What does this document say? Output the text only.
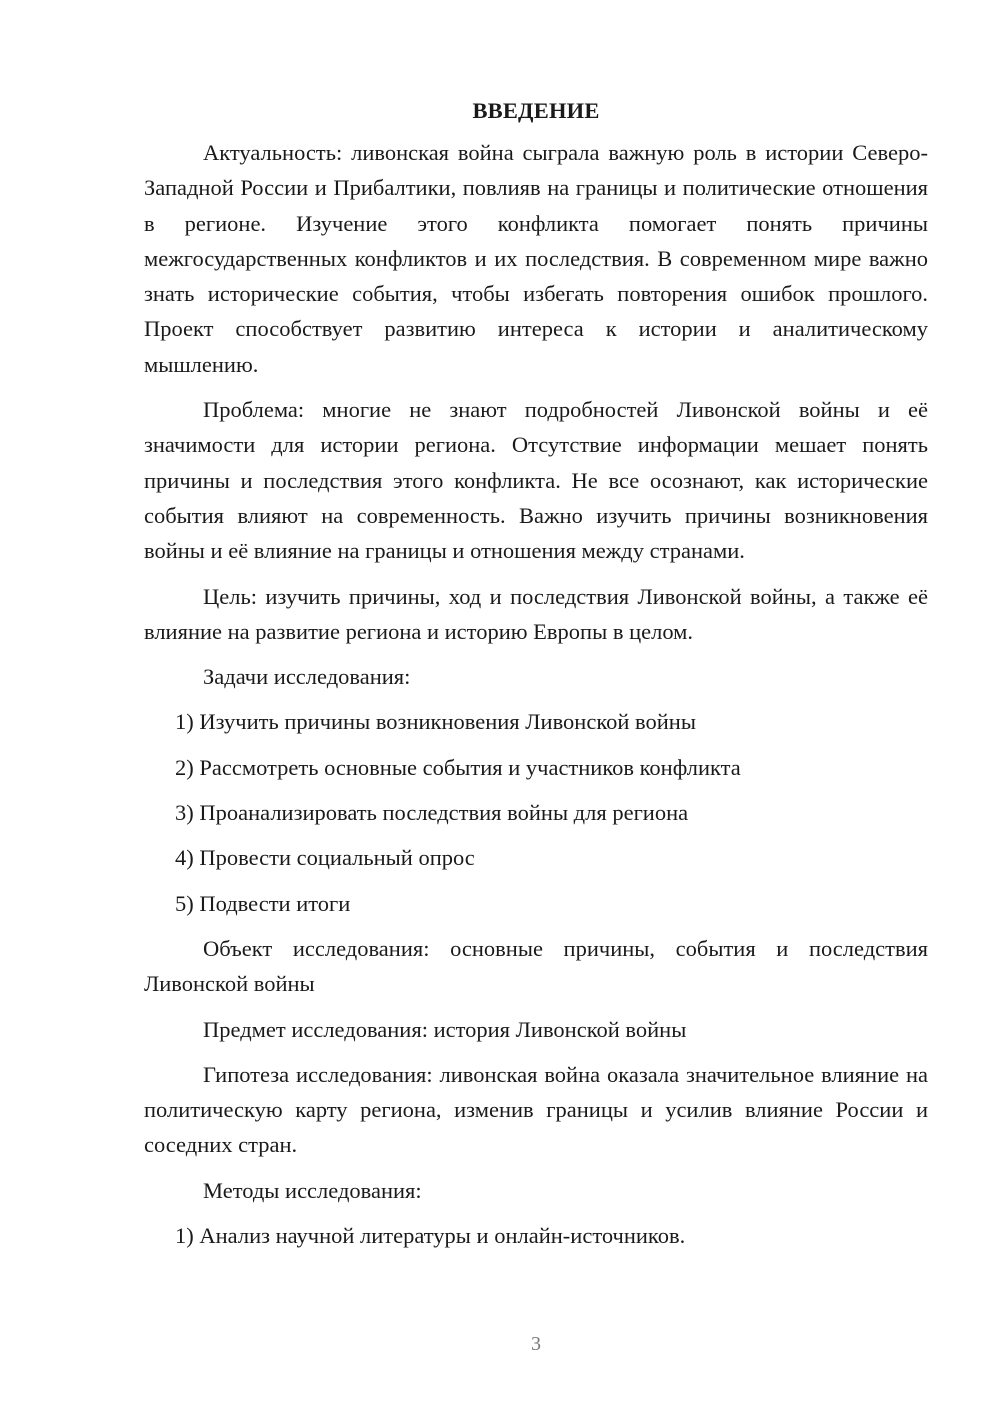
ВВЕДЕНИЕ
Актуальность: ливонская война сыграла важную роль в истории Северо-Западной России и Прибалтики, повлияв на границы и политические отношения в регионе. Изучение этого конфликта помогает понять причины межгосударственных конфликтов и их последствия. В современном мире важно знать исторические события, чтобы избегать повторения ошибок прошлого. Проект способствует развитию интереса к истории и аналитическому мышлению.
Проблема: многие не знают подробностей Ливонской войны и её значимости для истории региона. Отсутствие информации мешает понять причины и последствия этого конфликта. Не все осознают, как исторические события влияют на современность. Важно изучить причины возникновения войны и её влияние на границы и отношения между странами.
Цель: изучить причины, ход и последствия Ливонской войны, а также её влияние на развитие региона и историю Европы в целом.
Задачи исследования:
1) Изучить причины возникновения Ливонской войны
2) Рассмотреть основные события и участников конфликта
3) Проанализировать последствия войны для региона
4) Провести социальный опрос
5) Подвести итоги
Объект исследования: основные причины, события и последствия Ливонской войны
Предмет исследования: история Ливонской войны
Гипотеза исследования: ливонская война оказала значительное влияние на политическую карту региона, изменив границы и усилив влияние России и соседних стран.
Методы исследования:
1) Анализ научной литературы и онлайн-источников.
3
